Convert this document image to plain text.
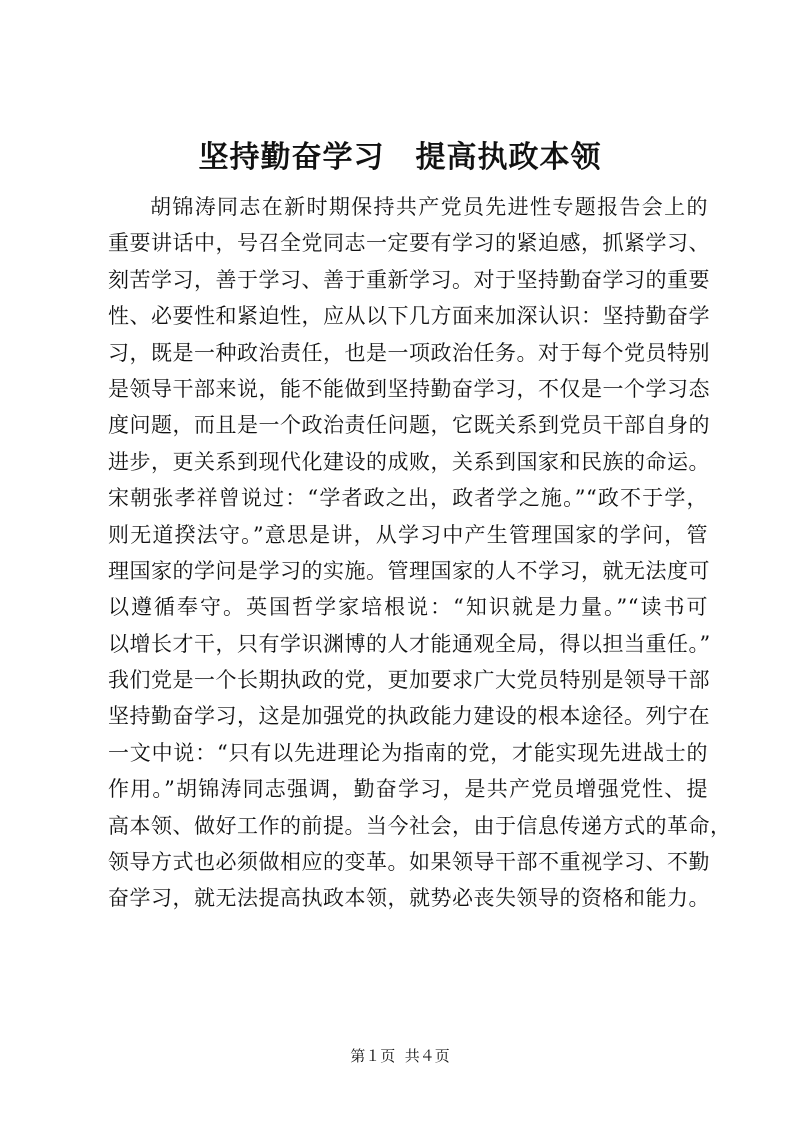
坚持勤奋学习　提高执政本领
胡锦涛同志在新时期保持共产党员先进性专题报告会上的
重要讲话中，号召全党同志一定要有学习的紧迫感，抓紧学习、
刻苦学习，善于学习、善于重新学习。对于坚持勤奋学习的重要
性、必要性和紧迫性，应从以下几方面来加深认识：坚持勤奋学
习，既是一种政治责任，也是一项政治任务。对于每个党员特别
是领导干部来说，能不能做到坚持勤奋学习，不仅是一个学习态
度问题，而且是一个政治责任问题，它既关系到党员干部自身的
进步，更关系到现代化建设的成败，关系到国家和民族的命运。
宋朝张孝祥曾说过：“学者政之出，政者学之施。”“政不于学，
则无道揆法守。”意思是讲，从学习中产生管理国家的学问，管
理国家的学问是学习的实施。管理国家的人不学习，就无法度可
以遵循奉守。英国哲学家培根说：“知识就是力量。”“读书可
以增长才干，只有学识渊博的人才能通观全局，得以担当重任。”
我们党是一个长期执政的党，更加要求广大党员特别是领导干部
坚持勤奋学习，这是加强党的执政能力建设的根本途径。列宁在
一文中说：“只有以先进理论为指南的党，才能实现先进战士的
作用。”胡锦涛同志强调，勤奋学习，是共产党员增强党性、提
高本领、做好工作的前提。当今社会，由于信息传递方式的革命，
领导方式也必须做相应的变革。如果领导干部不重视学习、不勤
奋学习，就无法提高执政本领，就势必丧失领导的资格和能力。
第１页  共４页
